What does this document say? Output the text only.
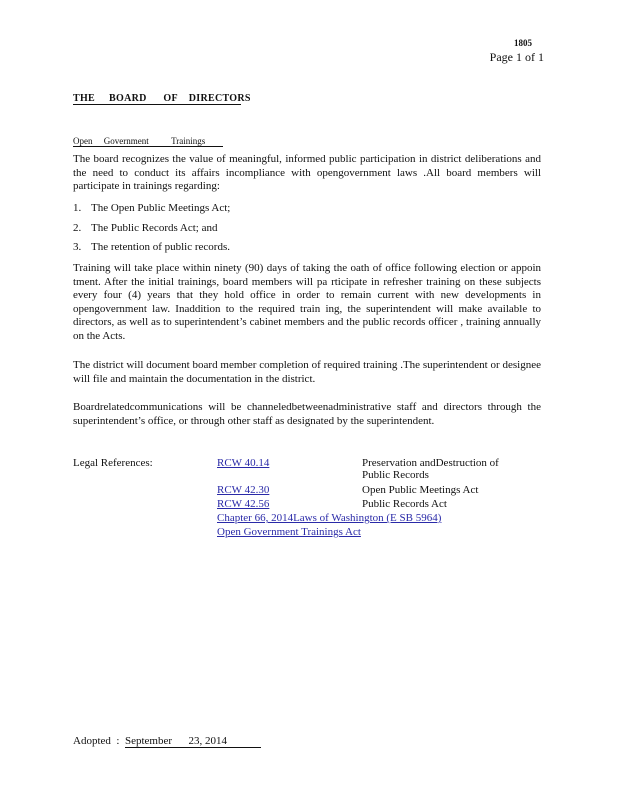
1805
Page 1 of 1
THE     BOARD      OF    DIRECTORS
Open     Government          Trainings
The board recognizes the value of meaningful, informed public participation in district deliberations and the need to conduct its affairs incompliance with opengovernment laws .All board members will participate in trainings regarding:
1. The Open Public Meetings Act;
2. The Public Records Act; and
3. The retention of public records.
Training will take place within ninety (90) days of taking the oath of office following election or appoin tment. After the initial trainings, board members will pa rticipate in refresher training on these subjects every four (4) years that they hold office in order to remain current with new developments in opengovernment law. Inaddition to the required train ing, the superintendent will make available to directors, as well as to superintendent’s cabinet members and the public records officer , training annually on the Acts.
The district will document board member completion of required training .The superintendent or designee will file and maintain the documentation in the district.
Boardrelatedcommunications will be channeledbetweenadministrative staff and directors through the superintendent’s office, or through other staff as designated by the superintendent.
Legal References:	RCW 40.14	Preservation andDestruction of Public Records
RCW 42.30	Open Public Meetings Act
RCW 42.56	Public Records Act
Chapter 66, 2014Laws of Washington (E SB 5964)
Open Government Trainings Act
Adopted  :  September      23, 2014
